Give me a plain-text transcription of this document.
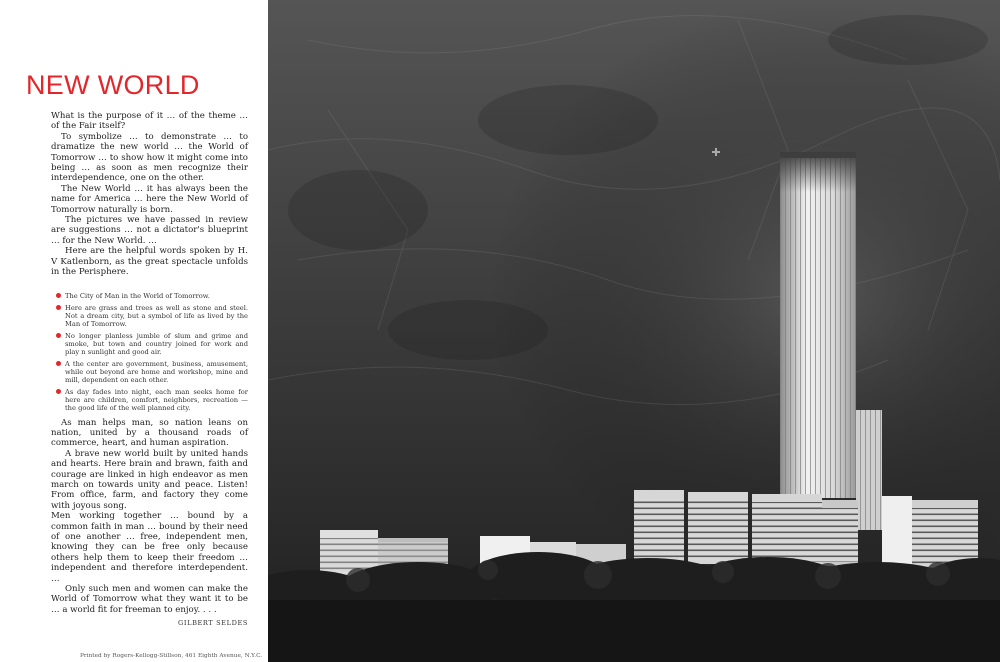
NEW WORLD

What is the purpose of it … of the theme … of the Fair itself?

To symbolize … to demonstrate … to dramatize the new world … the World of Tomorrow … to show how it might come into being … as soon as men recognize their interdependence, one on the other.

The New World … it has always been the name for America … here the New World of Tomorrow naturally is born.

The pictures we have passed in review are suggestions … not a dictator's blueprint … for the New World. …

Here are the helpful words spoken by H. V Katlenborn, as the great spectacle unfolds in the Perisphere.

The City of Man in the World of Tomorrow.
Here are grass and trees as well as stone and steel. Not a dream city, but a symbol of life as lived by the Man of Tomorrow.
No longer planless jumble of slum and grime and smoke, but town and country joined for work and play n sunlight and good air.
A the center are government, business, amusement, while out beyond are home and workshop, mine and mill, dependent on each other.
As day fades into night, each man seeks home for here are children, comfort, neighbors, recreation — the good life of the well planned city.

As man helps man, so nation leans on nation, united by a thousand roads of commerce, heart, and human aspiration.

A brave new world built by united hands and hearts. Here brain and brawn, faith and courage are linked in high endeavor as men march on towards unity and peace. Listen! From office, farm, and factory they come with joyous song.

Men working together … bound by a common faith in man … bound by their need of one another … free, independent men, knowing they can be free only because others help them to keep their freedom … independent and therefore interdependent. …

Only such men and women can make the World of Tomorrow what they want it to be … a world fit for freeman to enjoy. . . .

GILBERT SELDES
Printed by Rogers-Kellogg-Stillson, 461 Eighth Avenue, N.Y.C.
